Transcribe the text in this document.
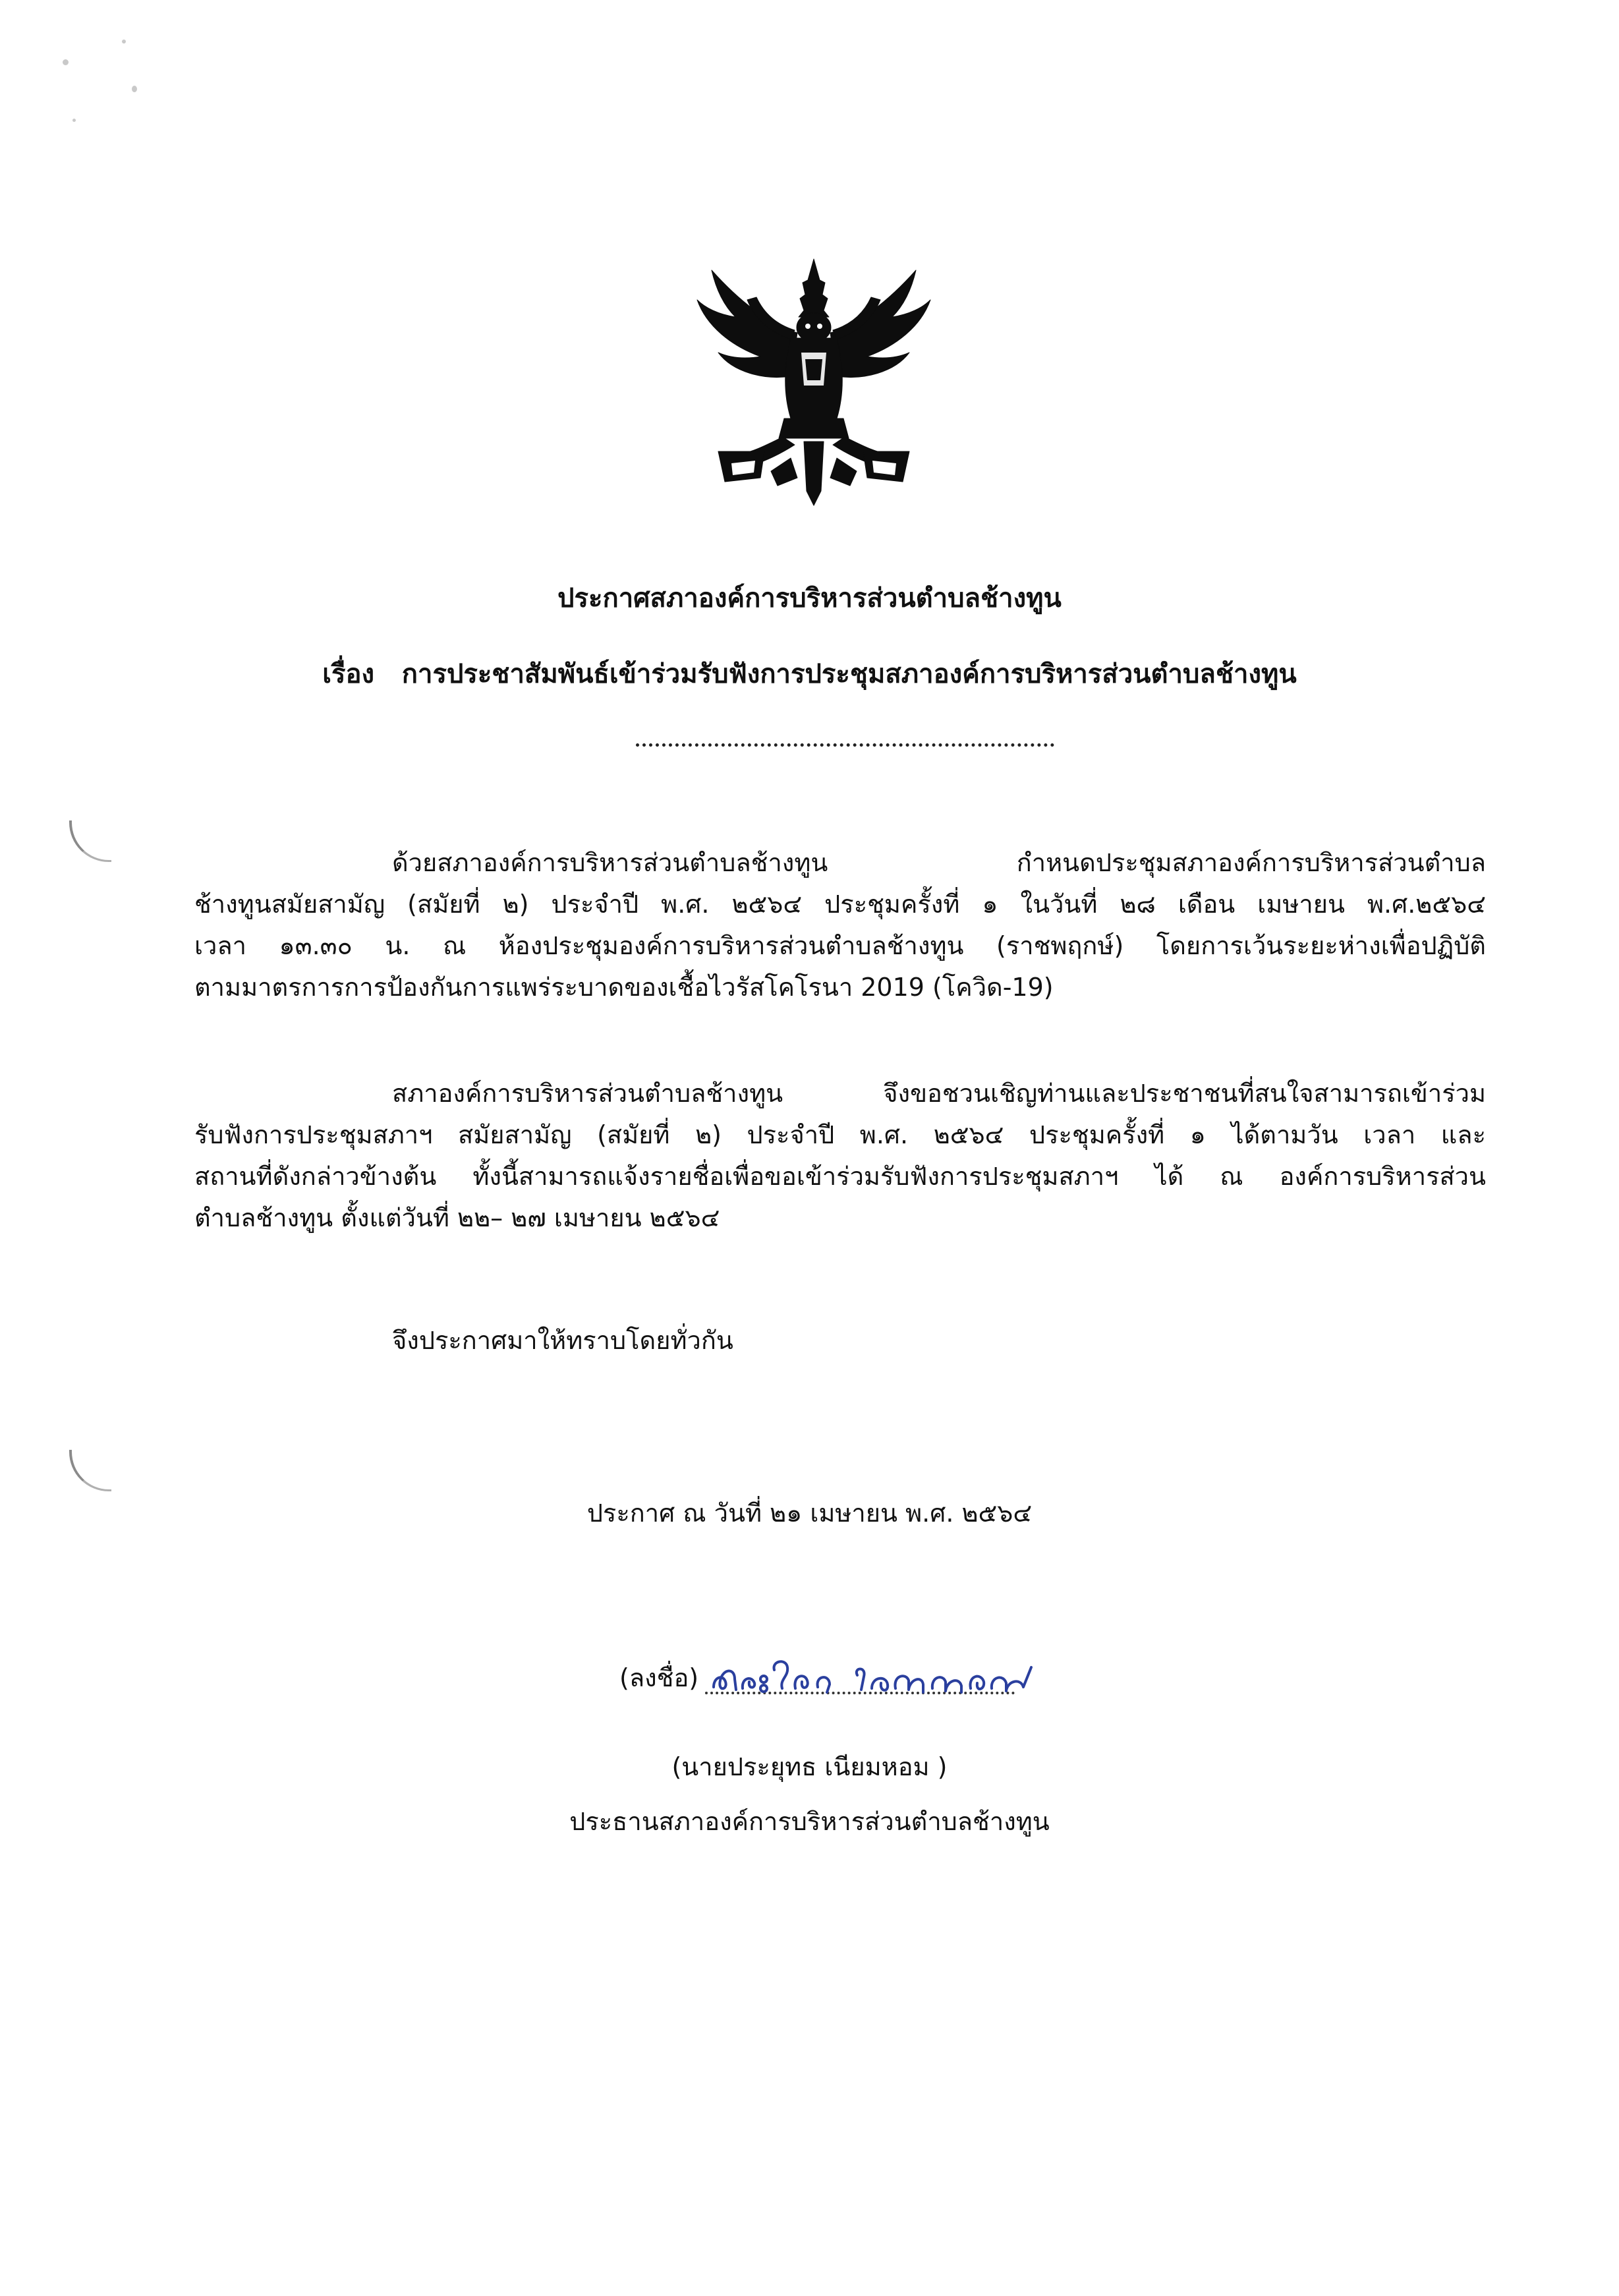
ประกาศสภาองค์การบริหารส่วนตำบลช้างทูน
เรื่อง การประชาสัมพันธ์เข้าร่วมรับฟังการประชุมสภาองค์การบริหารส่วนตำบลช้างทูน
ด้วยสภาองค์การบริหารส่วนตำบลช้างทูน กำหนดประชุมสภาองค์การบริหารส่วนตำบล
ช้างทูนสมัยสามัญ (สมัยที่ ๒) ประจำปี พ.ศ. ๒๕๖๔ ประชุมครั้งที่ ๑ ในวันที่ ๒๘ เดือน เมษายน พ.ศ.๒๕๖๔
เวลา ๑๓.๓๐ น. ณ ห้องประชุมองค์การบริหารส่วนตำบลช้างทูน (ราชพฤกษ์) โดยการเว้นระยะห่างเพื่อปฏิบัติ
ตามมาตรการการป้องกันการแพร่ระบาดของเชื้อไวรัสโคโรนา 2019 (โควิด-19)
สภาองค์การบริหารส่วนตำบลช้างทูน จึงขอชวนเชิญท่านและประชาชนที่สนใจสามารถเข้าร่วม
รับฟังการประชุมสภาฯ สมัยสามัญ (สมัยที่ ๒) ประจำปี พ.ศ. ๒๕๖๔ ประชุมครั้งที่ ๑ ได้ตามวัน เวลา และ
สถานที่ดังกล่าวข้างต้น ทั้งนี้สามารถแจ้งรายชื่อเพื่อขอเข้าร่วมรับฟังการประชุมสภาฯ ได้ ณ องค์การบริหารส่วน
ตำบลช้างทูน ตั้งแต่วันที่ ๒๒– ๒๗ เมษายน ๒๕๖๔
จึงประกาศมาให้ทราบโดยทั่วกัน
ประกาศ ณ วันที่ ๒๑ เมษายน พ.ศ. ๒๕๖๔
(ลงชื่อ)
(นายประยุทธ เนียมหอม )
ประธานสภาองค์การบริหารส่วนตำบลช้างทูน
